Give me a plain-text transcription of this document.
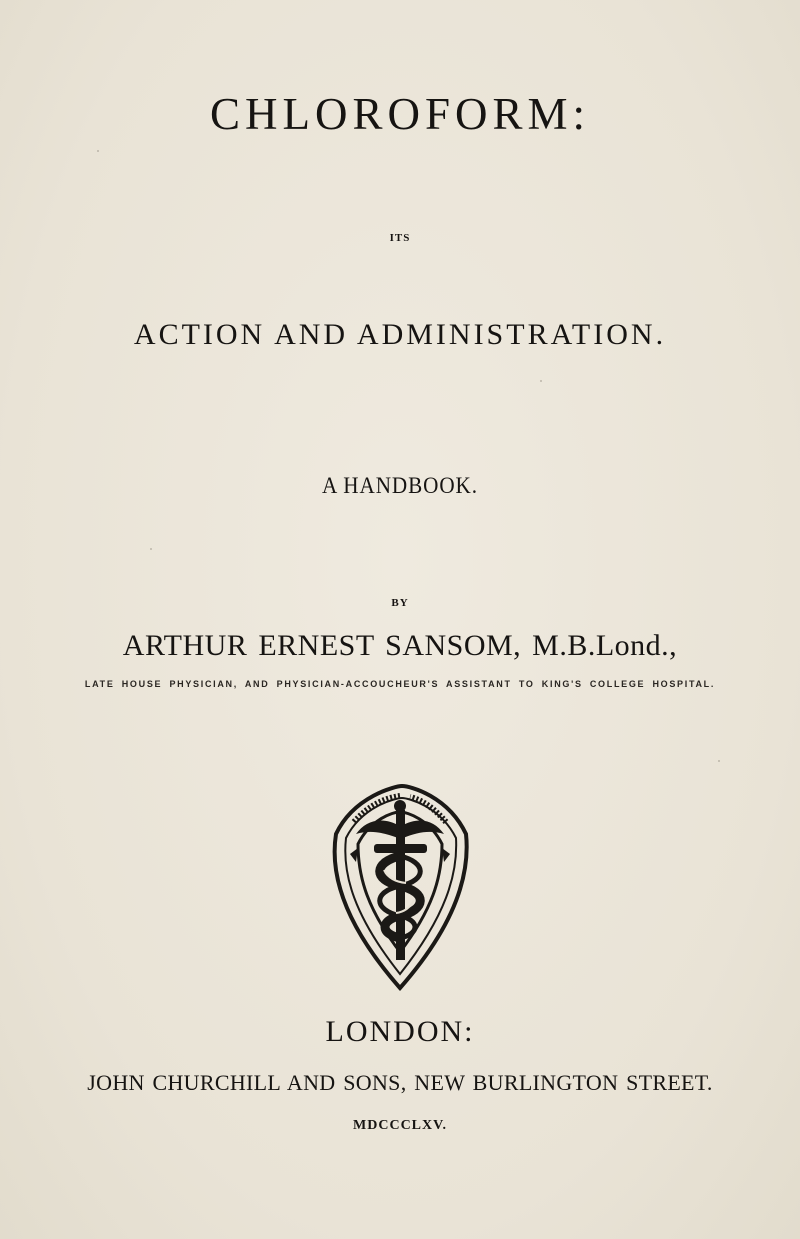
CHLOROFORM:
ITS
ACTION AND ADMINISTRATION.
A HANDBOOK.
BY
ARTHUR ERNEST SANSOM, M.B.Lond.,
LATE HOUSE PHYSICIAN, AND PHYSICIAN-ACCOUCHEUR'S ASSISTANT TO KING'S COLLEGE HOSPITAL.
LONDON:
JOHN CHURCHILL AND SONS, NEW BURLINGTON STREET.
MDCCCLXV.
